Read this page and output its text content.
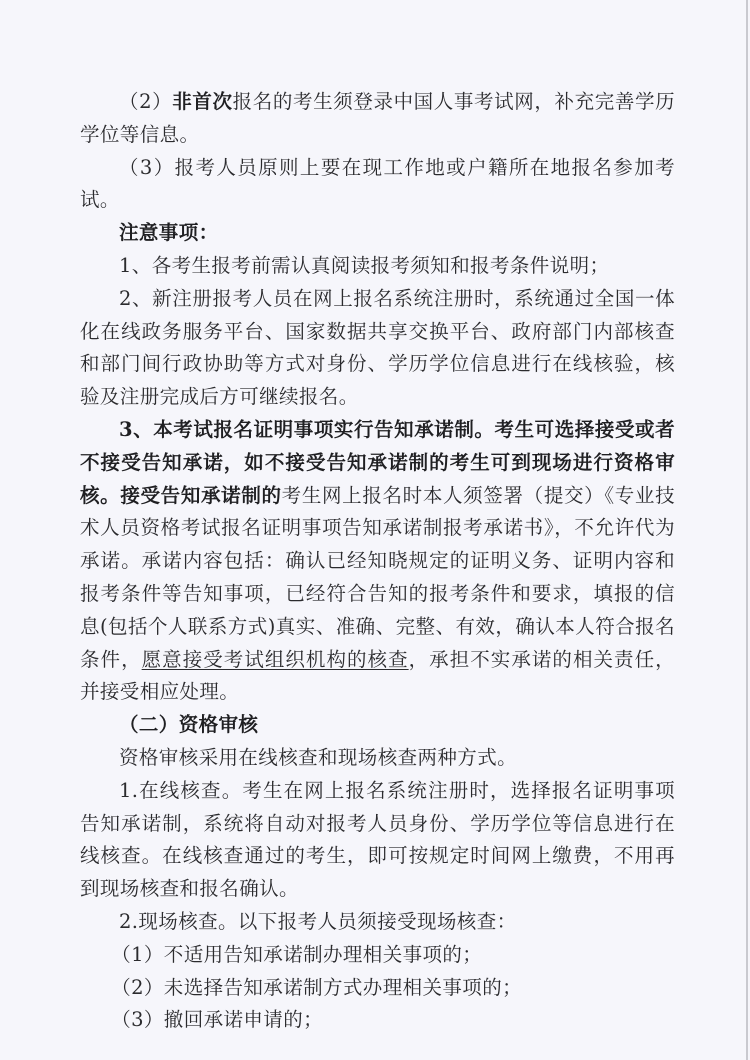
（2）非首次报名的考生须登录中国人事考试网，补充完善学历学位等信息。

（3）报考人员原则上要在现工作地或户籍所在地报名参加考试。

注意事项：

1、各考生报考前需认真阅读报考须知和报考条件说明；

2、新注册报考人员在网上报名系统注册时，系统通过全国一体化在线政务服务平台、国家数据共享交换平台、政府部门内部核查和部门间行政协助等方式对身份、学历学位信息进行在线核验，核验及注册完成后方可继续报名。

3、本考试报名证明事项实行告知承诺制。考生可选择接受或者不接受告知承诺，如不接受告知承诺制的考生可到现场进行资格审核。接受告知承诺制的考生网上报名时本人须签署（提交）《专业技术人员资格考试报名证明事项告知承诺制报考承诺书》，不允许代为承诺。承诺内容包括：确认已经知晓规定的证明义务、证明内容和报考条件等告知事项，已经符合告知的报考条件和要求，填报的信息(包括个人联系方式)真实、准确、完整、有效，确认本人符合报名条件，愿意接受考试组织机构的核查，承担不实承诺的相关责任，并接受相应处理。

（二）资格审核

资格审核采用在线核查和现场核查两种方式。

1.在线核查。考生在网上报名系统注册时，选择报名证明事项告知承诺制，系统将自动对报考人员身份、学历学位等信息进行在线核查。在线核查通过的考生，即可按规定时间网上缴费，不用再到现场核查和报名确认。

2.现场核查。以下报考人员须接受现场核查：

（1）不适用告知承诺制办理相关事项的；

（2）未选择告知承诺制方式办理相关事项的；

（3）撤回承诺申请的；
